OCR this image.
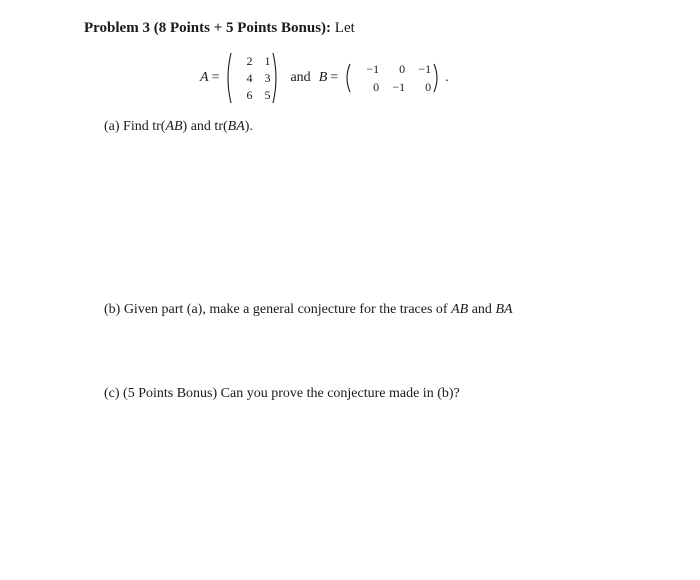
Problem 3 (8 Points + 5 Points Bonus): Let
A =
2	1
4	3
6	5
and B =
−1	0	−1
0	−1	0
.
(a) Find tr(AB) and tr(BA).
(b) Given part (a), make a general conjecture for the traces of AB and BA
(c) (5 Points Bonus) Can you prove the conjecture made in (b)?
